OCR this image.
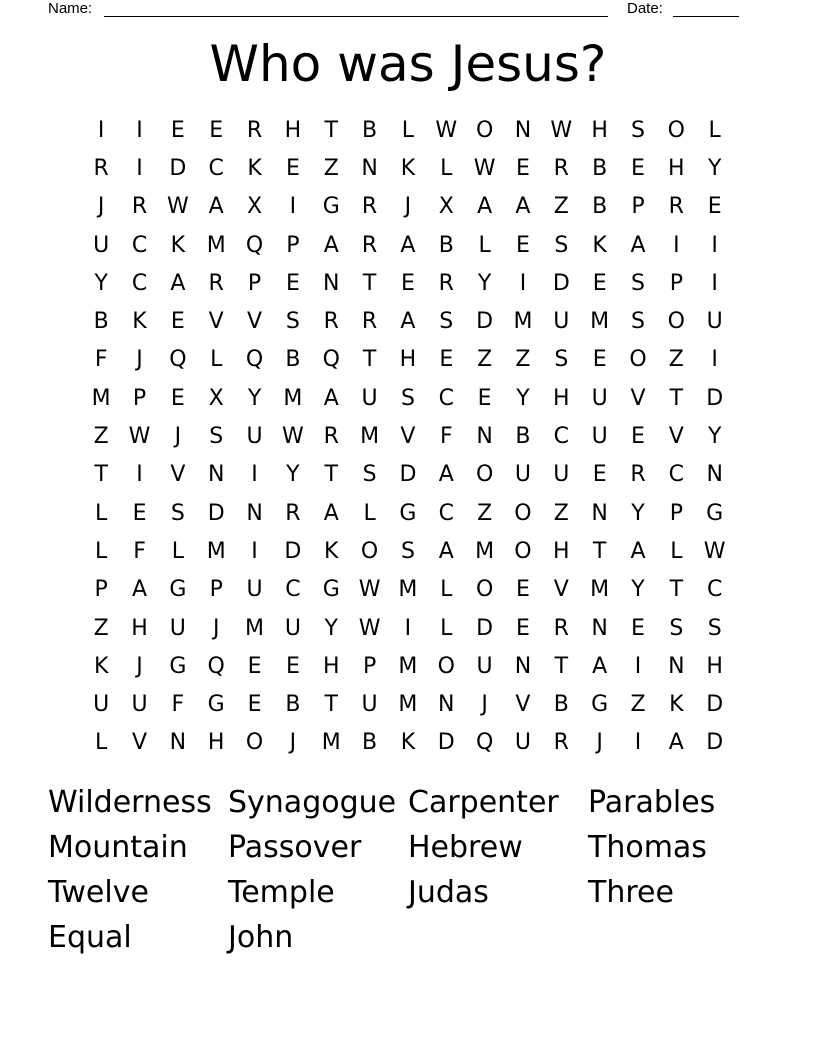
Name:	Date:
Who was Jesus?
I	I	E	E	R	H	T	B	L W O N W H	S	O	L
R	I	D	C	K	E	Z	N	K	L W E	R	B	E	H	Y
J	R W A	X	I	G	R	J	X	A	A	Z	B	P	R	E
U	C	K M Q	P	A	R	A	B	L	E	S	K	A	I	I
Y	C	A	R	P	E	N	T	E	R	Y	I	D	E	S	P	I
B	K	E	V	V	S	R	R	A	S	D M U M S	O U
F	J	Q	L	Q	B	Q	T	H	E	Z	Z	S	E	O	Z	I
M	P	E	X	Y	M A	U	S	C	E	Y	H	U	V	T	D
Z W	J	S	U W R M V	F	N	B	C	U	E	V	Y
T	I	V	N	I	Y	T	S	D	A	O U	U	E	R	C	N
L	E	S	D N	R	A	L	G	C	Z	O	Z	N	Y	P	G
L	F	L	M	I	D	K	O	S	A M O H	T	A	L W
P	A	G	P	U	C	G W M	L	O	E	V M	Y	T	C
Z	H	U	J	M U	Y W	I	L	D	E	R	N	E	S	S
K	J	G Q	E	E	H	P	M O U	N	T	A	I	N H
U	U	F	G	E	B	T	U M N	J	V	B	G	Z	K	D
L	V	N H O	J	M B	K	D Q U	R	J	I	A	D
Wilderness Synagogue Carpenter Parables
Mountain	Passover	Hebrew	Thomas
Twelve	Temple	Judas	Three
Equal	John
